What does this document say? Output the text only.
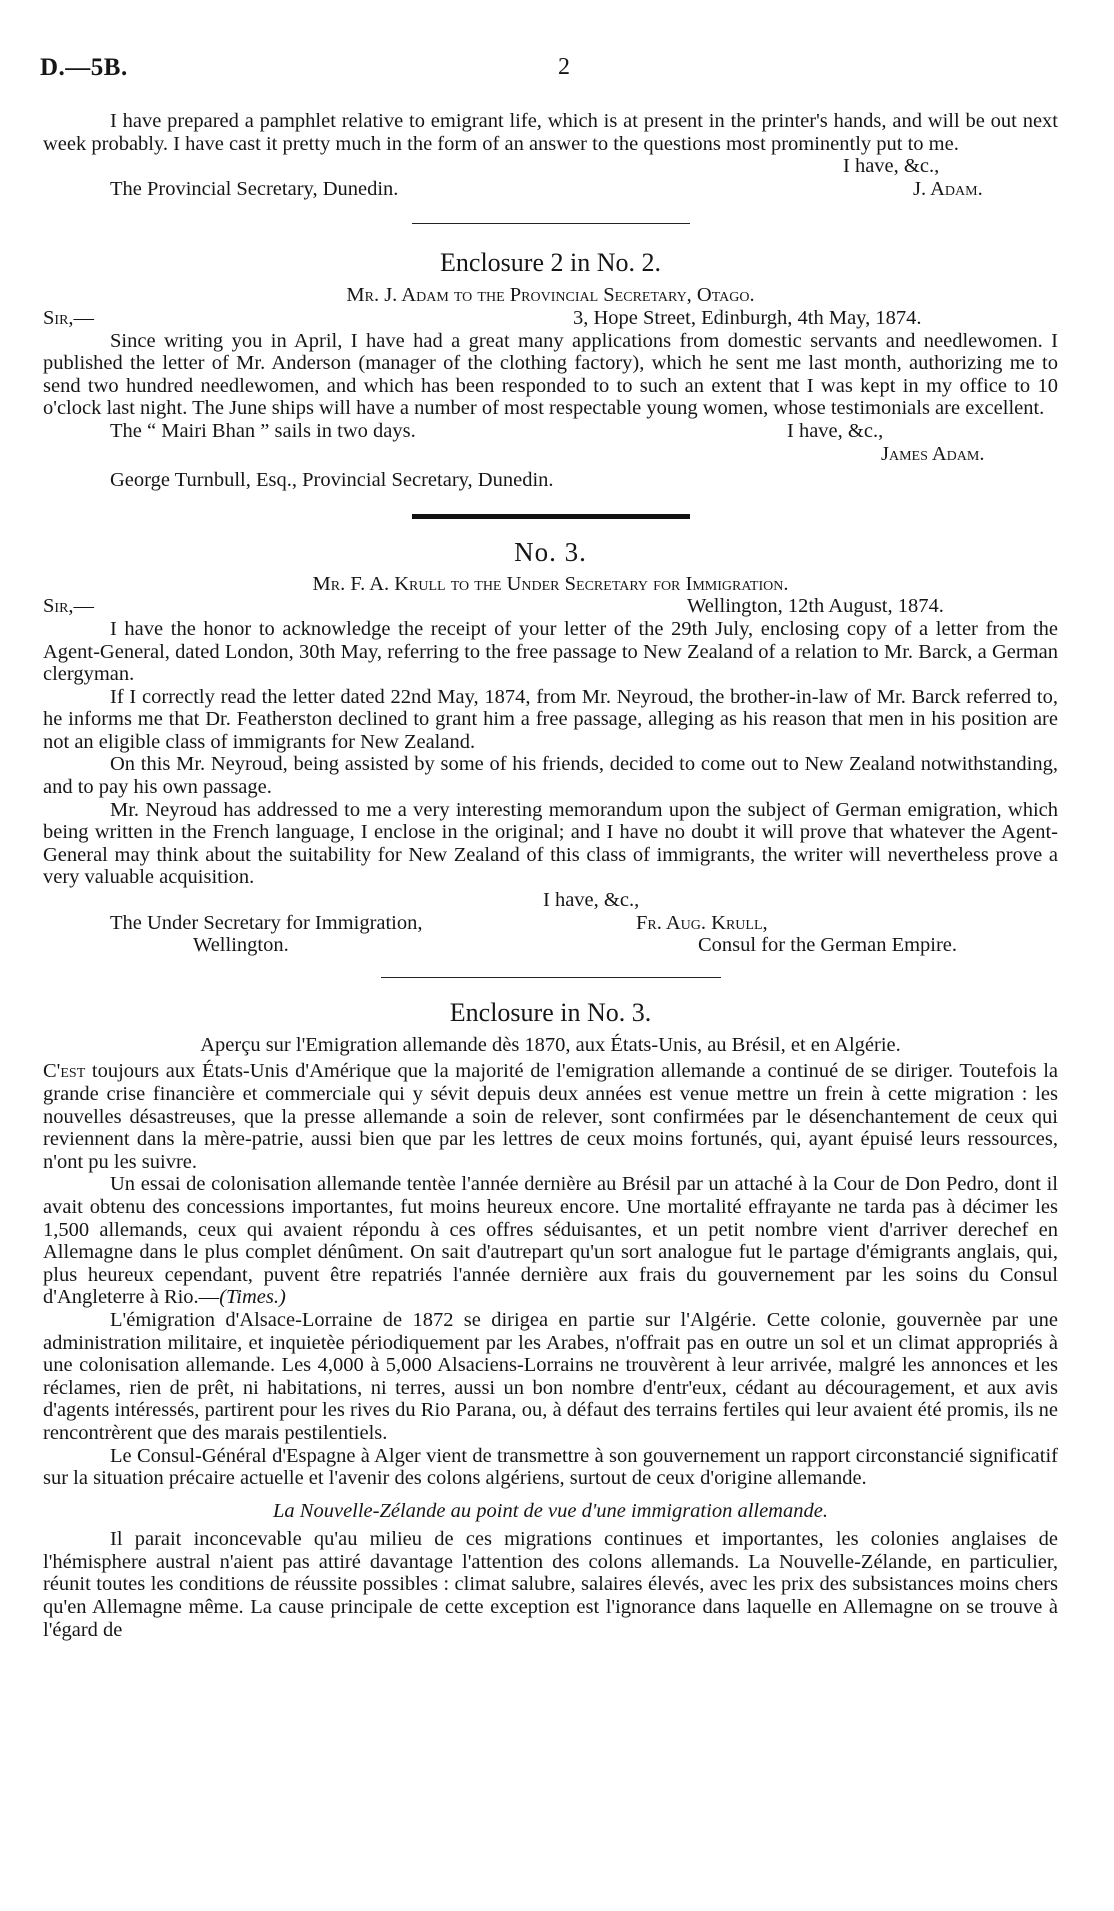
D.—5B.	2

I have prepared a pamphlet relative to emigrant life, which is at present in the printer's hands, and will be out next week probably. I have cast it pretty much in the form of an answer to the questions most prominently put to me.

I have, &c.,
The Provincial Secretary, Dunedin.	J. Adam.
Enclosure 2 in No. 2.
Mr. J. Adam to the Provincial Secretary, Otago.
Sir,—	3, Hope Street, Edinburgh, 4th May, 1874.

Since writing you in April, I have had a great many applications from domestic servants and needlewomen. I published the letter of Mr. Anderson (manager of the clothing factory), which he sent me last month, authorizing me to send two hundred needlewomen, and which has been responded to to such an extent that I was kept in my office to 10 o'clock last night. The June ships will have a number of most respectable young women, whose testimonials are excellent.

The “ Mairi Bhan ” sails in two days.	I have, &c.,
James Adam.
George Turnbull, Esq., Provincial Secretary, Dunedin.
No. 3.
Mr. F. A. Krull to the Under Secretary for Immigration.
Sir,—	Wellington, 12th August, 1874.

I have the honor to acknowledge the receipt of your letter of the 29th July, enclosing copy of a letter from the Agent-General, dated London, 30th May, referring to the free passage to New Zealand of a relation to Mr. Barck, a German clergyman.

If I correctly read the letter dated 22nd May, 1874, from Mr. Neyroud, the brother-in-law of Mr. Barck referred to, he informs me that Dr. Featherston declined to grant him a free passage, alleging as his reason that men in his position are not an eligible class of immigrants for New Zealand.

On this Mr. Neyroud, being assisted by some of his friends, decided to come out to New Zealand notwithstanding, and to pay his own passage.

Mr. Neyroud has addressed to me a very interesting memorandum upon the subject of German emigration, which being written in the French language, I enclose in the original; and I have no doubt it will prove that whatever the Agent-General may think about the suitability for New Zealand of this class of immigrants, the writer will nevertheless prove a very valuable acquisition.

I have, &c.,
The Under Secretary for Immigration,	Fr. Aug. Krull,
Wellington.	Consul for the German Empire.
Enclosure in No. 3.
Aperçu sur l'Emigration allemande dès 1870, aux États-Unis, au Brésil, et en Algérie.

C'est toujours aux États-Unis d'Amérique que la majorité de l'emigration allemande a continué de se diriger. Toutefois la grande crise financière et commerciale qui y sévit depuis deux années est venue mettre un frein à cette migration : les nouvelles désastreuses, que la presse allemande a soin de relever, sont confirmées par le désenchantement de ceux qui reviennent dans la mère-patrie, aussi bien que par les lettres de ceux moins fortunés, qui, ayant épuisé leurs ressources, n'ont pu les suivre.

Un essai de colonisation allemande tentèe l'année dernière au Brésil par un attaché à la Cour de Don Pedro, dont il avait obtenu des concessions importantes, fut moins heureux encore. Une mortalité effrayante ne tarda pas à décimer les 1,500 allemands, ceux qui avaient répondu à ces offres séduisantes, et un petit nombre vient d'arriver derechef en Allemagne dans le plus complet dénûment. On sait d'autrepart qu'un sort analogue fut le partage d'émigrants anglais, qui, plus heureux cependant, puvent être repatriés l'année dernière aux frais du gouvernement par les soins du Consul d'Angleterre à Rio.—(Times.)

L'émigration d'Alsace-Lorraine de 1872 se dirigea en partie sur l'Algérie. Cette colonie, gouvernèe par une administration militaire, et inquietèe périodiquement par les Arabes, n'offrait pas en outre un sol et un climat appropriés à une colonisation allemande. Les 4,000 à 5,000 Alsaciens-Lorrains ne trouvèrent à leur arrivée, malgré les annonces et les réclames, rien de prêt, ni habitations, ni terres, aussi un bon nombre d'entr'eux, cédant au découragement, et aux avis d'agents intéressés, partirent pour les rives du Rio Parana, ou, à défaut des terrains fertiles qui leur avaient été promis, ils ne rencontrèrent que des marais pestilentiels.

Le Consul-Général d'Espagne à Alger vient de transmettre à son gouvernement un rapport circonstancié significatif sur la situation précaire actuelle et l'avenir des colons algériens, surtout de ceux d'origine allemande.

La Nouvelle-Zélande au point de vue d'une immigration allemande.

Il parait inconcevable qu'au milieu de ces migrations continues et importantes, les colonies anglaises de l'hémisphere austral n'aient pas attiré davantage l'attention des colons allemands. La Nouvelle-Zélande, en particulier, réunit toutes les conditions de réussite possibles : climat salubre, salaires élevés, avec les prix des subsistances moins chers qu'en Allemagne même. La cause principale de cette exception est l'ignorance dans laquelle en Allemagne on se trouve à l'égard de
